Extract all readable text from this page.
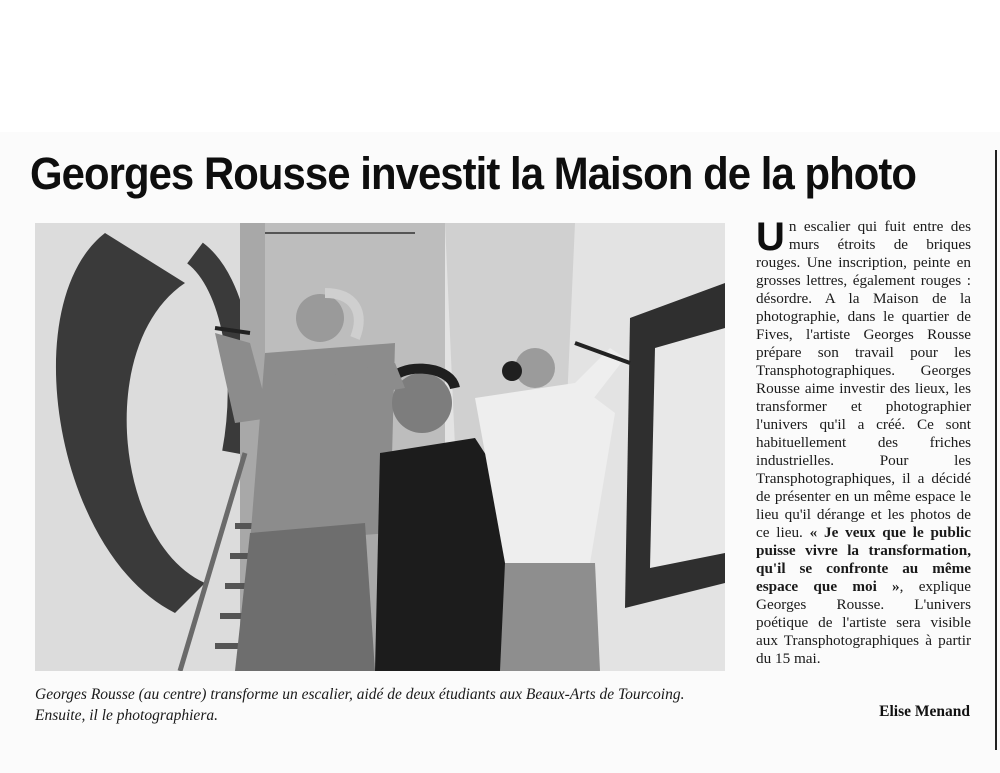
Georges Rousse investit la Maison de la photo

Georges Rousse (au centre) transforme un escalier, aidé de deux étudiants aux Beaux-Arts de Tourcoing. Ensuite, il le photographiera.

Un escalier qui fuit entre des murs étroits de briques rouges. Une inscription, peinte en grosses lettres, également rouges : désordre. A la Maison de la photographie, dans le quartier de Fives, l'artiste Georges Rousse prépare son travail pour les Transphotographiques. Georges Rousse aime investir des lieux, les transformer et photographier l'univers qu'il a créé. Ce sont habituellement des friches industrielles. Pour les Transphotographiques, il a décidé de présenter en un même espace le lieu qu'il dérange et les photos de ce lieu. « Je veux que le public puisse vivre la transformation, qu'il se confronte au même espace que moi », explique Georges Rousse. L'univers poétique de l'artiste sera visible aux Transphotographiques à partir du 15 mai.

Elise Menand
